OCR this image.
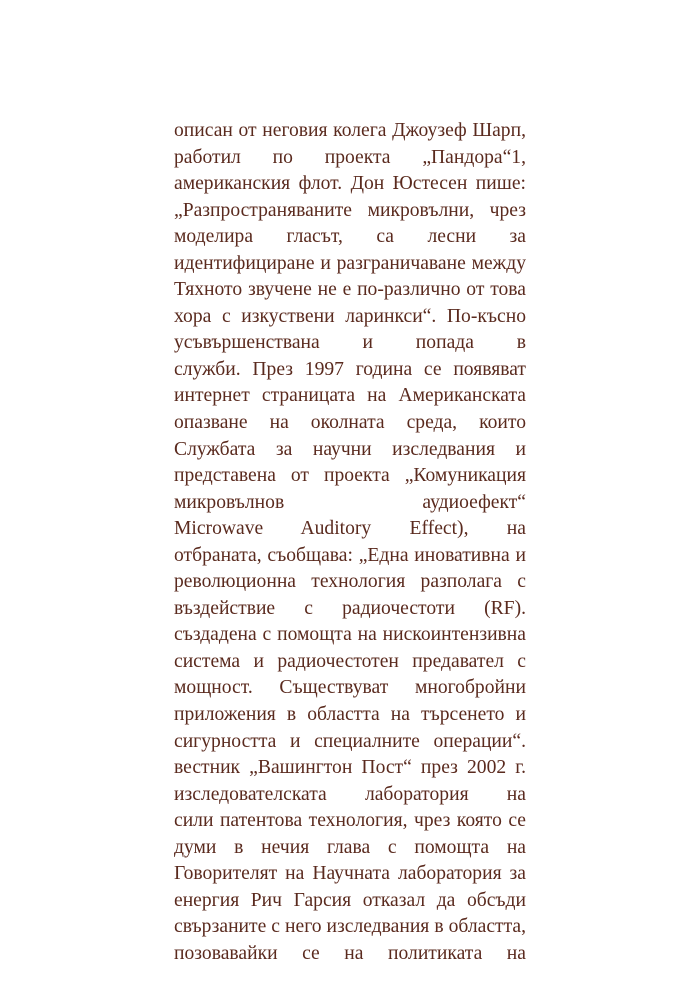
описан от неговия колега Джоузеф Шарп,
работил по проекта „Пандора“1,
американския флот. Дон Юстесен пише:
„Разпространяваните микровълни, чрез
моделира гласът, са лесни за
идентифициране и разграничаване между
Тяхното звучене не е по-различно от това
хора с изкуствени ларинкси“. По-късно
усъвършенствана и попада в
служби. През 1997 година се появяват
интернет страницата на Американската
опазване на околната среда, които
Службата за научни изследвания и
представена от проекта „Комуникация
микровълнов аудиоефект“
Microwave Auditory Effect), на
отбраната, съобщава: „Една иновативна и
революционна технология разполага с
въздействие с радиочестоти (RF).
създадена с помощта на нискоинтензивна
система и радиочестотен предавател с
мощност. Съществуват многобройни
приложения в областта на търсенето и
сигурността и специалните операции“.
вестник „Вашингтон Пост“ през 2002 г.
изследователската лаборатория на
сили патентова технология, чрез която се
думи в нечия глава с помощта на
Говорителят на Научната лаборатория за
енергия Рич Гарсия отказал да обсъди
свързаните с него изследвания в областта,
позовавайки се на политиката на
